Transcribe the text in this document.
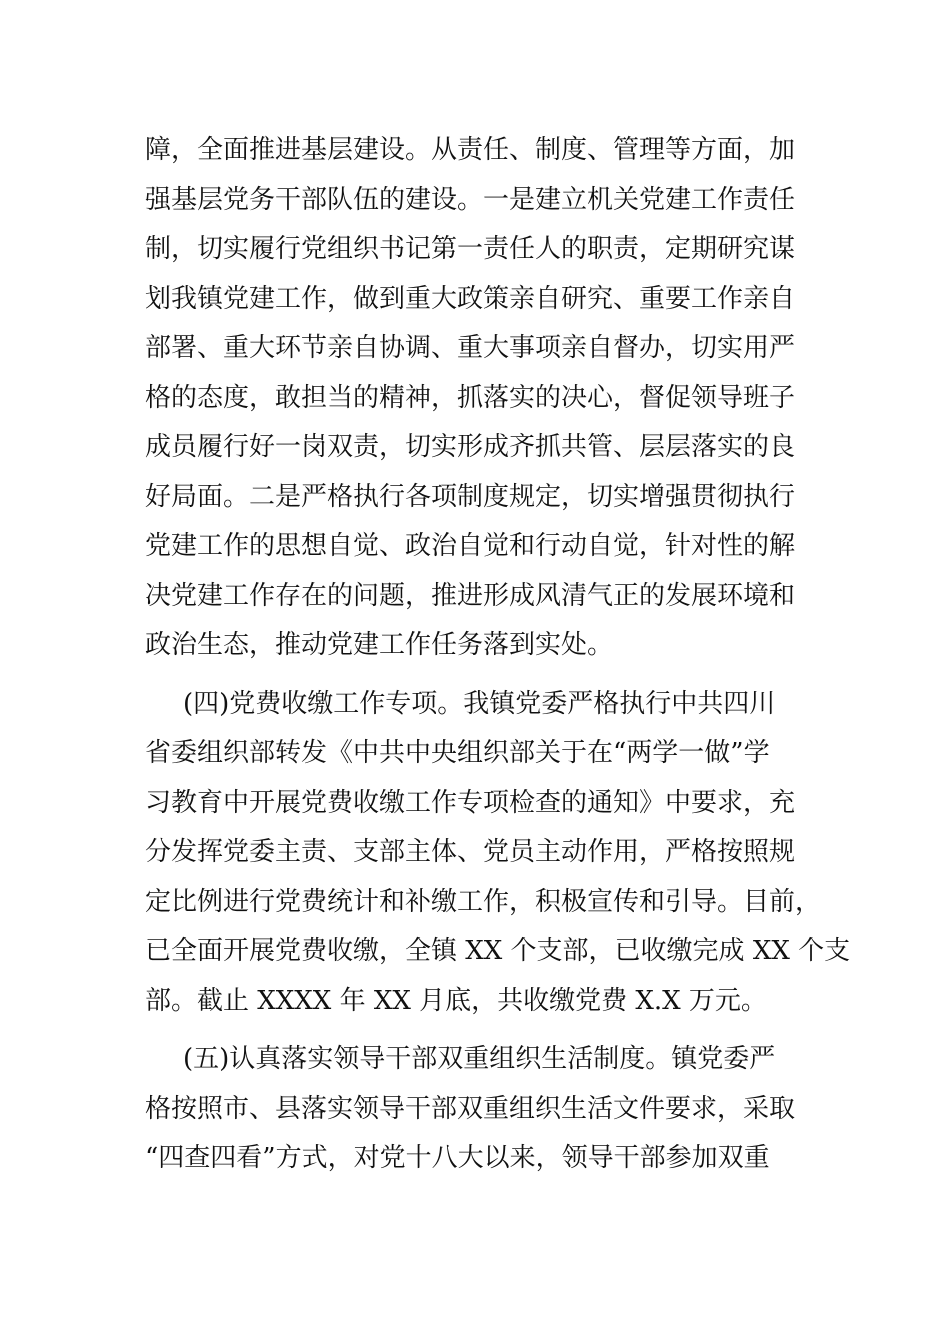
障，全面推进基层建设。从责任、制度、管理等方面，加
强基层党务干部队伍的建设。一是建立机关党建工作责任
制，切实履行党组织书记第一责任人的职责，定期研究谋
划我镇党建工作，做到重大政策亲自研究、重要工作亲自
部署、重大环节亲自协调、重大事项亲自督办，切实用严
格的态度，敢担当的精神，抓落实的决心，督促领导班子
成员履行好一岗双责，切实形成齐抓共管、层层落实的良
好局面。二是严格执行各项制度规定，切实增强贯彻执行
党建工作的思想自觉、政治自觉和行动自觉，针对性的解
决党建工作存在的问题，推进形成风清气正的发展环境和
政治生态，推动党建工作任务落到实处。
(四)党费收缴工作专项。我镇党委严格执行中共四川
省委组织部转发《中共中央组织部关于在“两学一做”学
习教育中开展党费收缴工作专项检查的通知》中要求，充
分发挥党委主责、支部主体、党员主动作用，严格按照规
定比例进行党费统计和补缴工作，积极宣传和引导。目前，
已全面开展党费收缴，全镇 XX 个支部，已收缴完成 XX 个支
部。截止 XXXX 年 XX 月底，共收缴党费 X.X 万元。
(五)认真落实领导干部双重组织生活制度。镇党委严
格按照市、县落实领导干部双重组织生活文件要求，采取
“四查四看”方式，对党十八大以来，领导干部参加双重
